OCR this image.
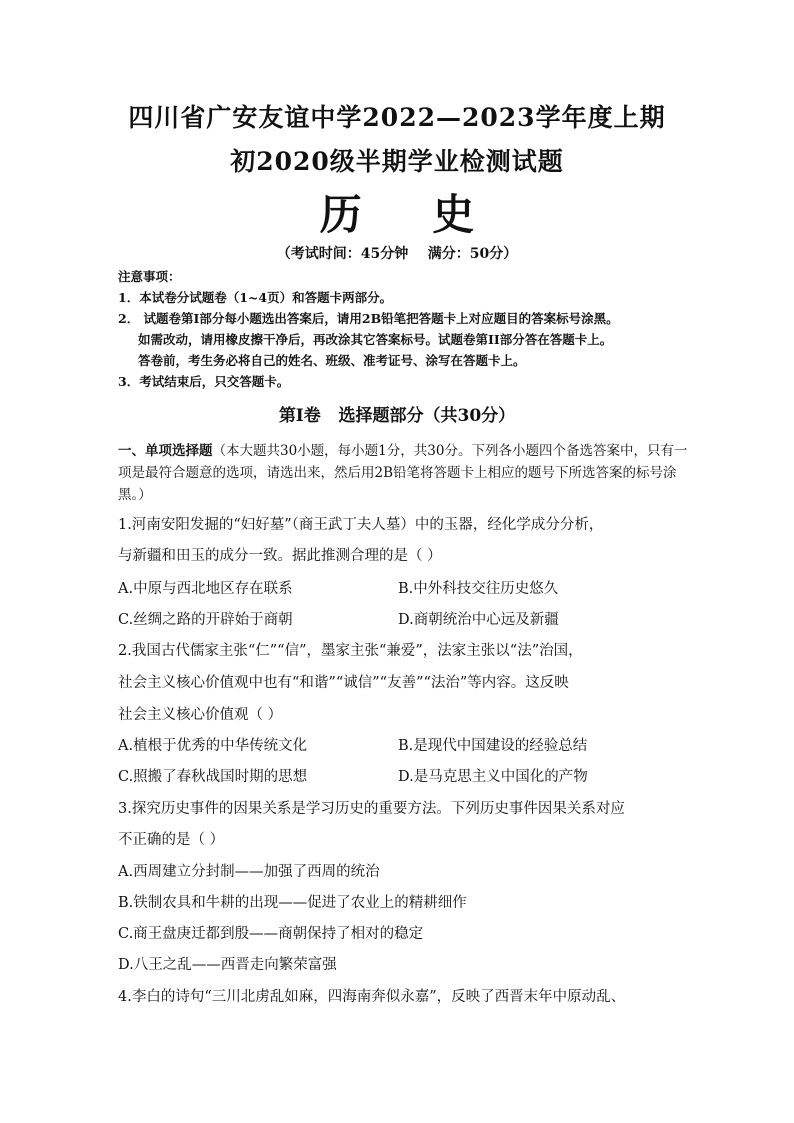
四川省广安友谊中学2022—2023学年度上期
初2020级半期学业检测试题
历 史
（考试时间：45分钟    满分：50分）
注意事项：
1．本试卷分试题卷（1~4页）和答题卡两部分。
2． 试题卷第Ⅰ部分每小题选出答案后，请用2B铅笔把答题卡上对应题目的答案标号涂黑。
如需改动，请用橡皮擦干净后，再改涂其它答案标号。试题卷第II部分答在答题卡上。
答卷前，考生务必将自己的姓名、班级、准考证号、涂写在答题卡上。
3．考试结束后，只交答题卡。
第Ⅰ卷   选择题部分（共30分）
一、单项选择题（本大题共30小题，每小题1分，共30分。下列各小题四个备选答案中，只有一项是最符合题意的选项，请选出来，然后用2B铅笔将答题卡上相应的题号下所选答案的标号涂黑。）
1.河南安阳发掘的“妇好墓”（商王武丁夫人墓）中的玉器，经化学成分分析，
与新疆和田玉的成分一致。据此推测合理的是（ ）
A.中原与西北地区存在联系	B.中外科技交往历史悠久
C.丝绸之路的开辟始于商朝	D.商朝统治中心远及新疆
2.我国古代儒家主张“仁”“信”，墨家主张“兼爱”，法家主张以“法”治国，
社会主义核心价值观中也有“和谐”“诚信”“友善”“法治”等内容。这反映
社会主义核心价值观（ ）
A.植根于优秀的中华传统文化	B.是现代中国建设的经验总结
C.照搬了春秋战国时期的思想	D.是马克思主义中国化的产物
3.探究历史事件的因果关系是学习历史的重要方法。下列历史事件因果关系对应
不正确的是（ ）
A.西周建立分封制——加强了西周的统治
B.铁制农具和牛耕的出现——促进了农业上的精耕细作
C.商王盘庚迁都到殷——商朝保持了相对的稳定
D.八王之乱——西晋走向繁荣富强
4.李白的诗句“三川北虏乱如麻，四海南奔似永嘉”，反映了西晋末年中原动乱、
